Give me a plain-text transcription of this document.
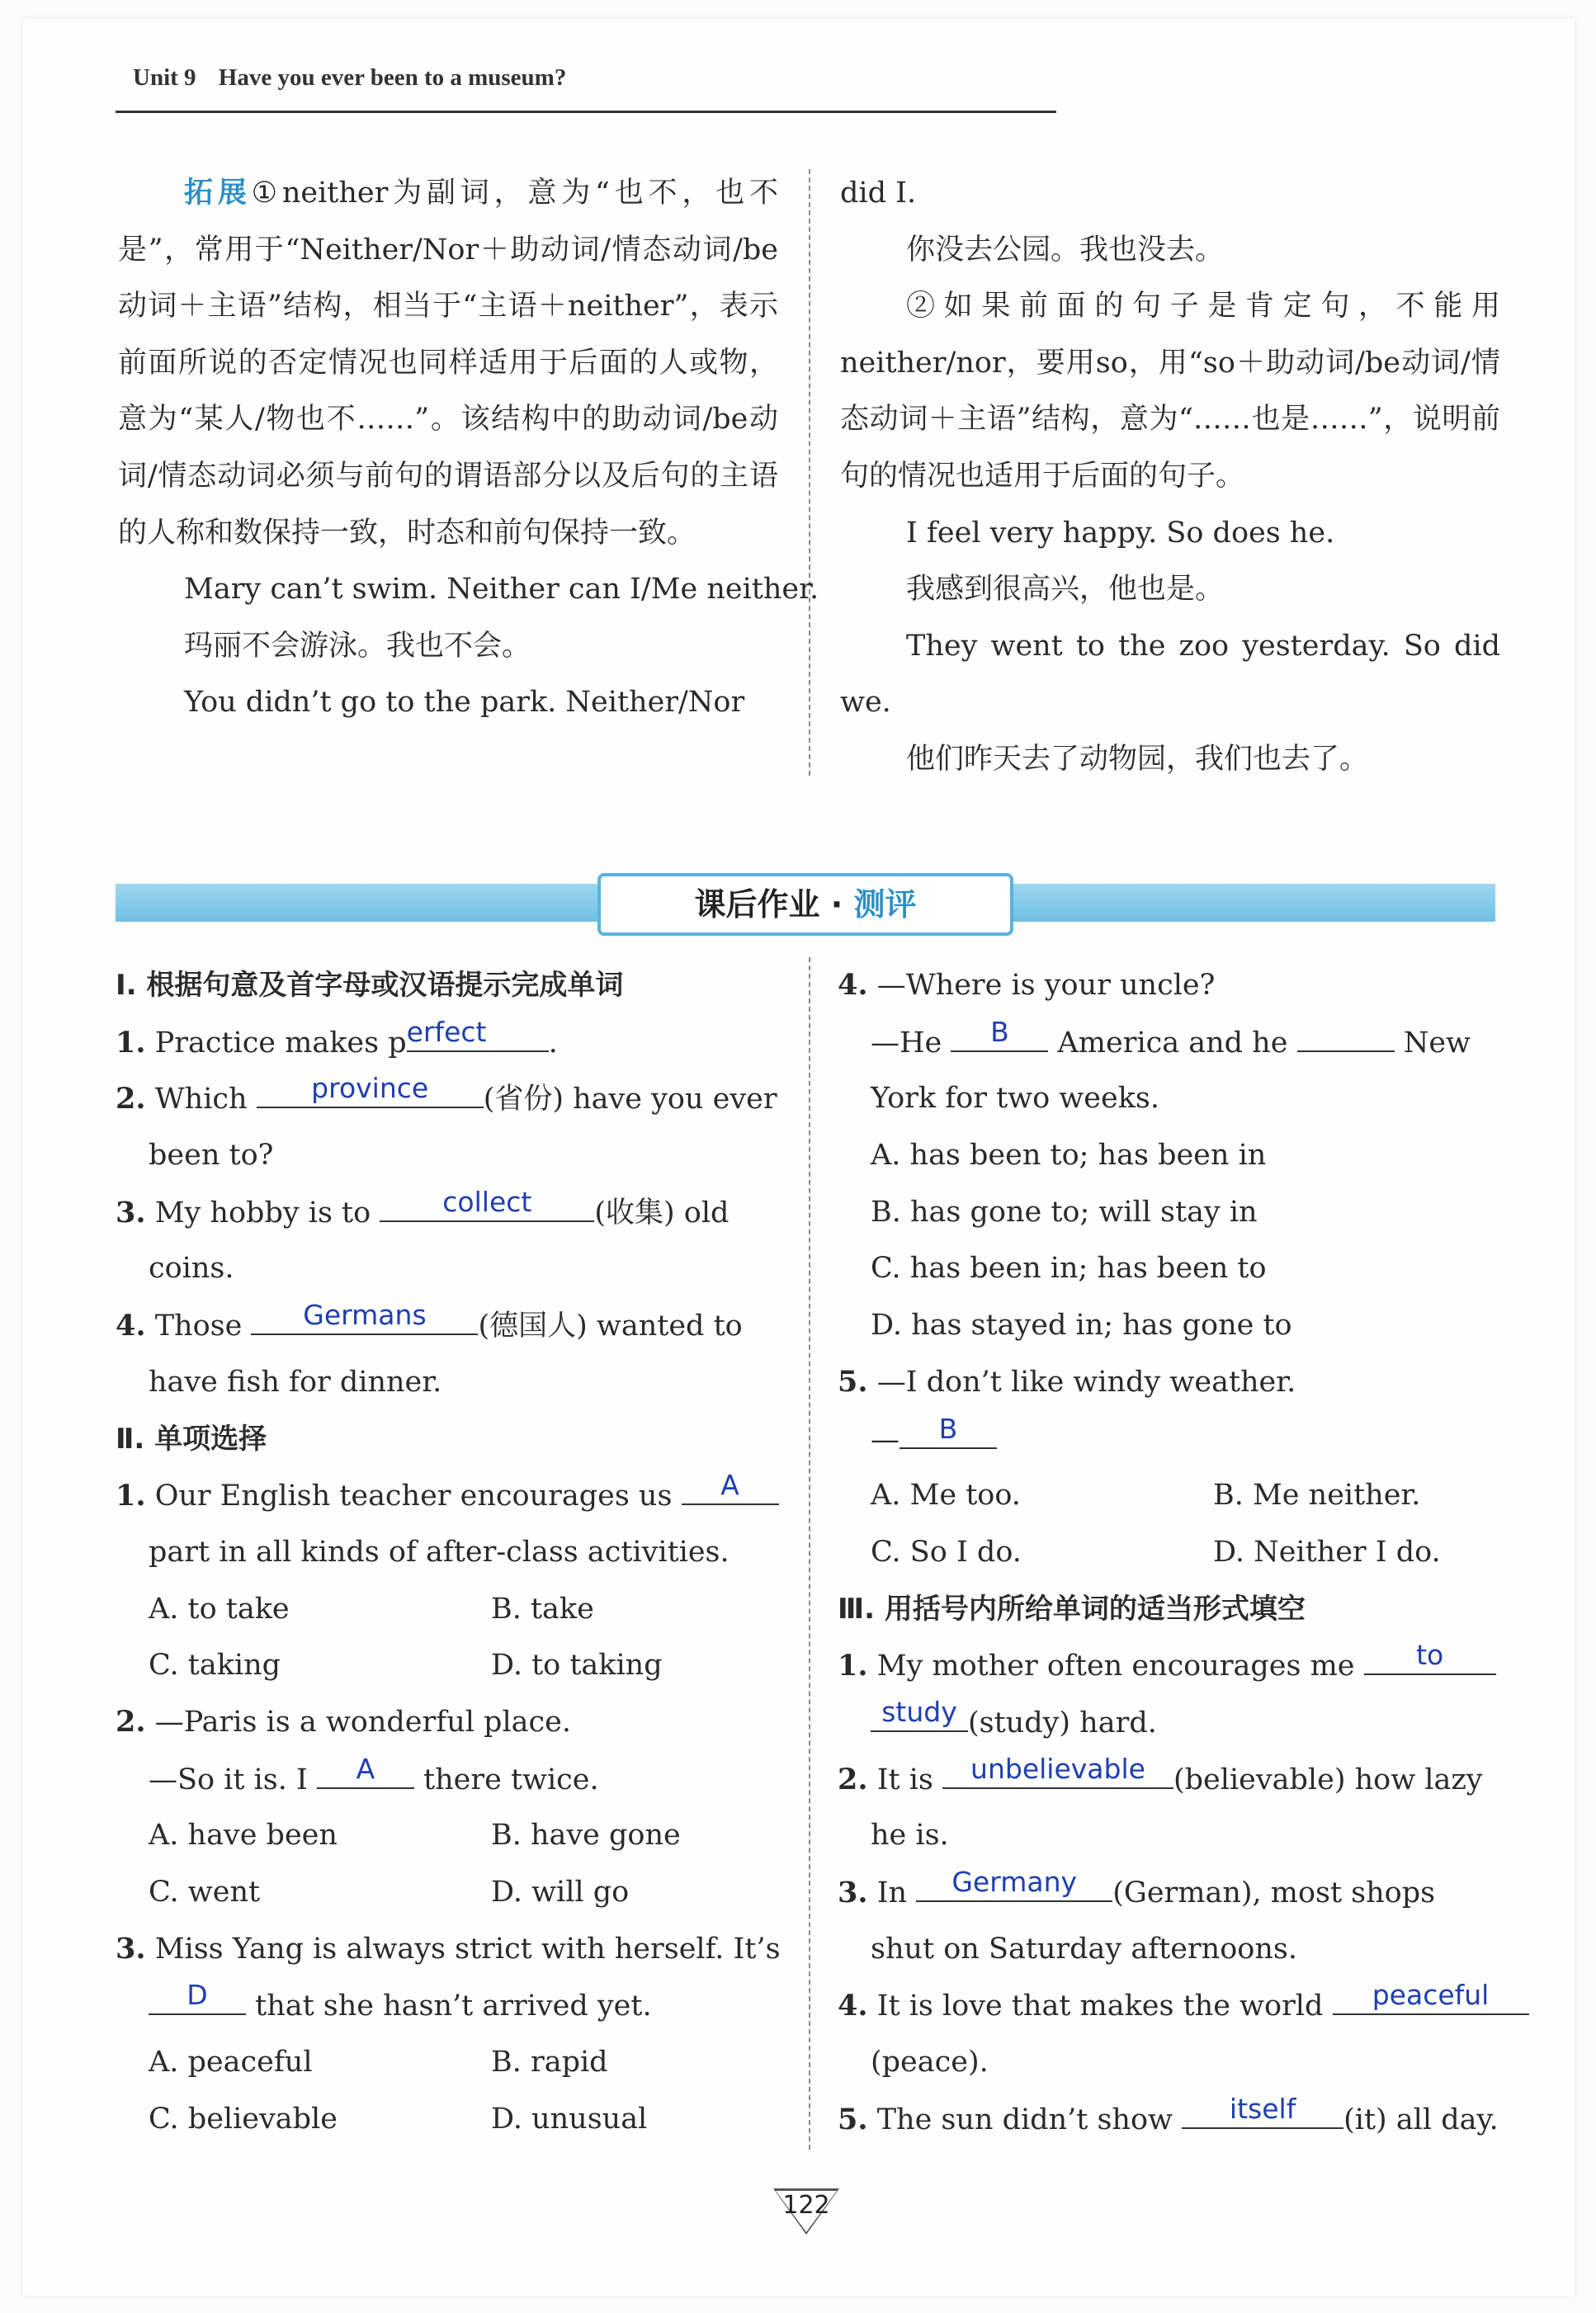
Unit 9 Have you ever been to a museum?

拓展①neither为副词，意为“也不，也不是”，常用于“Neither/Nor＋助动词/情态动词/be动词＋主语”结构，相当于“主语＋neither”，表示前面所说的否定情况也同样适用于后面的人或物，意为“某人/物也不……”。该结构中的助动词/be动词/情态动词必须与前句的谓语部分以及后句的主语的人称和数保持一致，时态和前句保持一致。

Mary can’t swim. Neither can I/Me neither.

玛丽不会游泳。我也不会。

You didn’t go to the park. Neither/Nor

did I.

你没去公园。我也没去。

②如果前面的句子是肯定句，不能用neither/nor，要用so，用“so＋助动词/be动词/情态动词＋主语”结构，意为“……也是……”，说明前句的情况也适用于后面的句子。

I feel very happy. So does he.

我感到很高兴，他也是。

They went to the zoo yesterday. So did we.

他们昨天去了动物园，我们也去了。

课后作业 · 测评
Ⅰ. 根据句意及首字母或汉语提示完成单词
1. Practice makes p erfect	.
2. Which	province	(省份) have you ever
been to?
3. My hobby is to	collect	(收集) old
coins.
4. Those	Germans	(德国人) wanted to
have fish for dinner.
Ⅱ. 单项选择
1. Our English teacher encourages us	A
part in all kinds of after-class activities.
A. to take	B. take
C. taking	D. to taking
2. —Paris is a wonderful place.
—So it is. I	A	there twice.
A. have been	B. have gone
C. went	D. will go
3. Miss Yang is always strict with herself. It’s
D	that she hasn’t arrived yet.
A. peaceful	B. rapid
C. believable	D. unusual
4. —Where is your uncle?
—He	B	America and he	New
York for two weeks.
A. has been to; has been in
B. has gone to; will stay in
C. has been in; has been to
D. has stayed in; has gone to
5. —I don’t like windy weather.
—	B
A. Me too.	B. Me neither.
C. So I do.	D. Neither I do.
Ⅲ. 用括号内所给单词的适当形式填空
1. My mother often encourages me	to
study (study) hard.
2. It is	unbelievable (believable) how lazy
he is.
3. In	Germany	(German), most shops
shut on Saturday afternoons.
4. It is love that makes the world	peaceful
(peace).
5. The sun didn’t show	itself	(it) all day.
122
